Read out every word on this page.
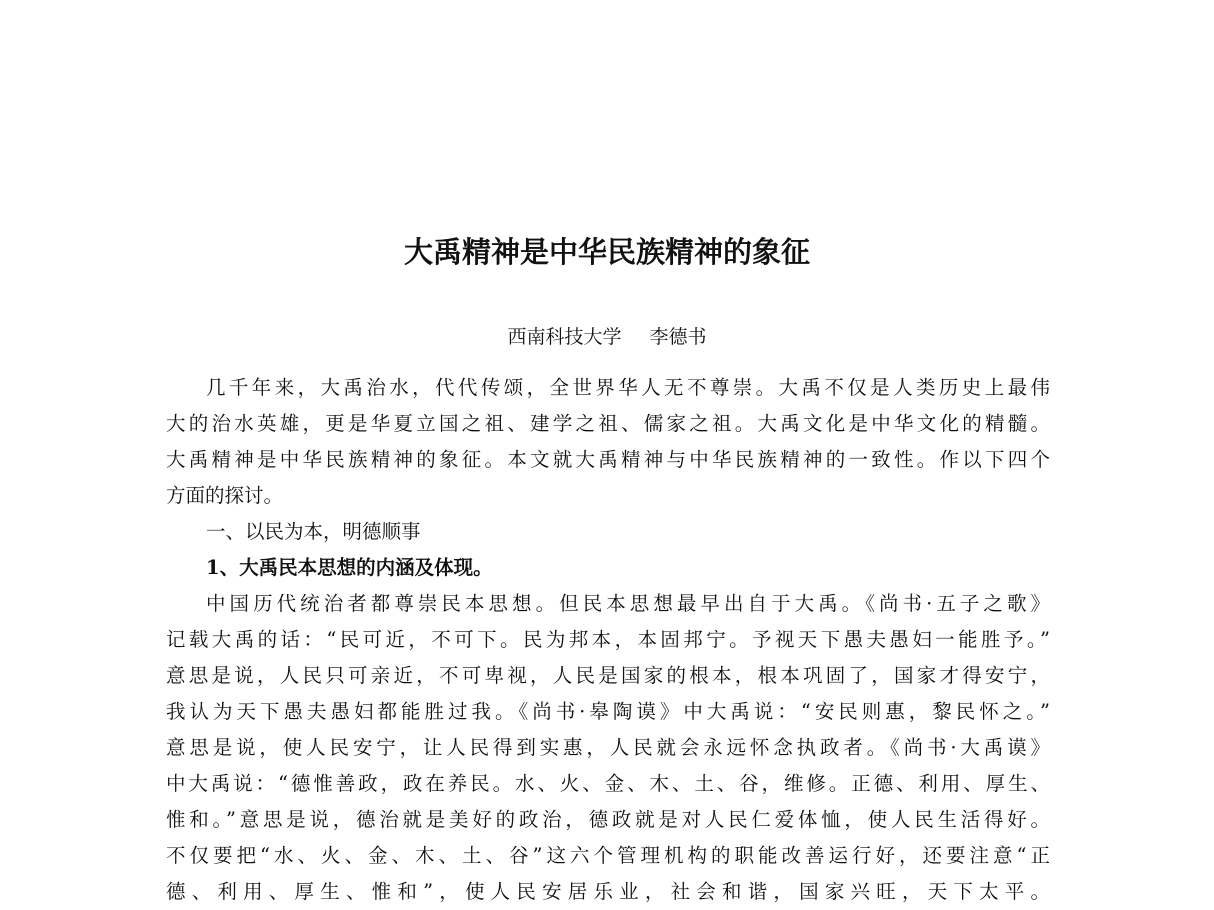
大禹精神是中华民族精神的象征
西南科技大学 李德书
几千年来，大禹治水，代代传颂，全世界华人无不尊崇。大禹不仅是人类历史上最伟
大的治水英雄，更是华夏立国之祖、建学之祖、儒家之祖。大禹文化是中华文化的精髓。
大禹精神是中华民族精神的象征。本文就大禹精神与中华民族精神的一致性。作以下四个
方面的探讨。
一、以民为本，明德顺事
1、大禹民本思想的内涵及体现。
中国历代统治者都尊崇民本思想。但民本思想最早出自于大禹。《尚书·五子之歌》
记载大禹的话：“民可近，不可下。民为邦本，本固邦宁。予视天下愚夫愚妇一能胜予。”
意思是说，人民只可亲近，不可卑视，人民是国家的根本，根本巩固了，国家才得安宁，
我认为天下愚夫愚妇都能胜过我。《尚书·皋陶谟》中大禹说：“安民则惠，黎民怀之。”
意思是说，使人民安宁，让人民得到实惠，人民就会永远怀念执政者。《尚书·大禹谟》
中大禹说：“德惟善政，政在养民。水、火、金、木、土、谷，维修。正德、利用、厚生、
惟和。”意思是说，德治就是美好的政治，德政就是对人民仁爱体恤，使人民生活得好。
不仅要把“水、火、金、木、土、谷”这六个管理机构的职能改善运行好，还要注意“正
德、利用、厚生、惟和”，使人民安居乐业，社会和谐，国家兴旺，天下太平。
